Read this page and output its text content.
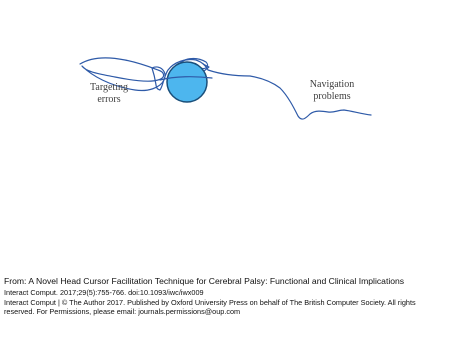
Targeting
errors
Navigation
problems

From: A Novel Head Cursor Facilitation Technique for Cerebral Palsy: Functional and Clinical Implications

Interact Comput. 2017;29(5):755-766. doi:10.1093/iwc/iwx009

Interact Comput | © The Author 2017. Published by Oxford University Press on behalf of The British Computer Society. All rights reserved. For Permissions, please email: journals.permissions@oup.com
